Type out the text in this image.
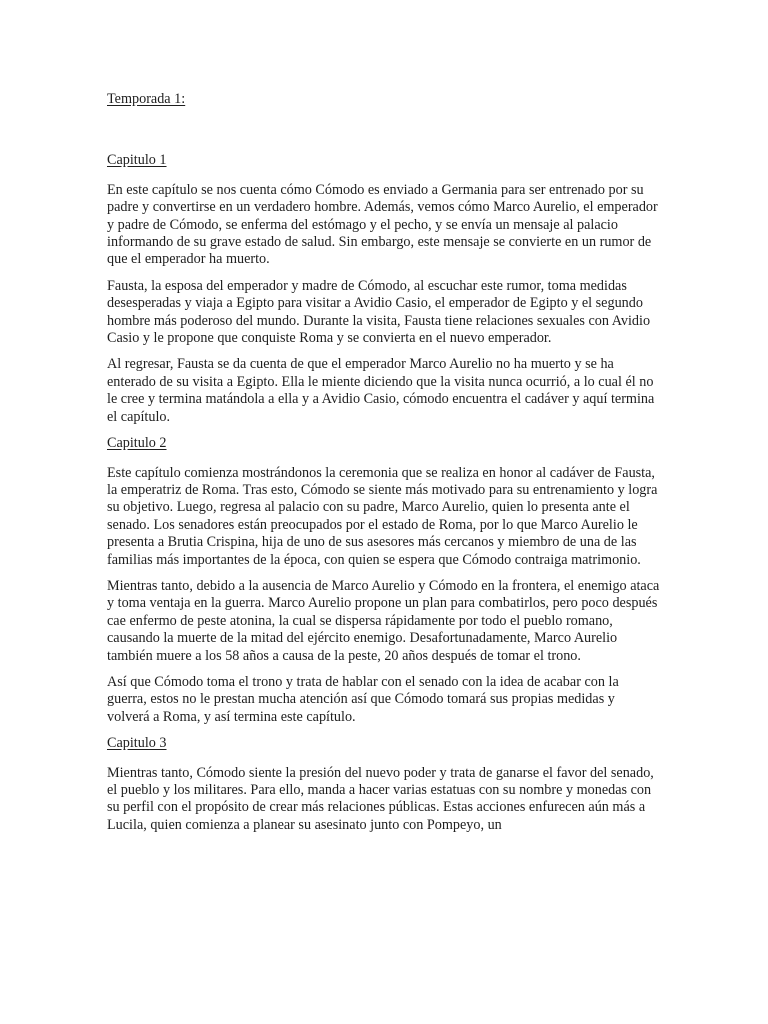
Temporada 1:

Capitulo 1

En este capítulo se nos cuenta cómo Cómodo es enviado a Germania para ser entrenado por su padre y convertirse en un verdadero hombre. Además, vemos cómo Marco Aurelio, el emperador y padre de Cómodo, se enferma del estómago y el pecho, y se envía un mensaje al palacio informando de su grave estado de salud. Sin embargo, este mensaje se convierte en un rumor de que el emperador ha muerto.

Fausta, la esposa del emperador y madre de Cómodo, al escuchar este rumor, toma medidas desesperadas y viaja a Egipto para visitar a Avidio Casio, el emperador de Egipto y el segundo hombre más poderoso del mundo. Durante la visita, Fausta tiene relaciones sexuales con Avidio Casio y le propone que conquiste Roma y se convierta en el nuevo emperador.

Al regresar, Fausta se da cuenta de que el emperador Marco Aurelio no ha muerto y se ha enterado de su visita a Egipto. Ella le miente diciendo que la visita nunca ocurrió, a lo cual él no le cree y termina matándola a ella y a Avidio Casio, cómodo encuentra el cadáver y aquí termina el capítulo.

Capitulo 2

Este capítulo comienza mostrándonos la ceremonia que se realiza en honor al cadáver de Fausta, la emperatriz de Roma. Tras esto, Cómodo se siente más motivado para su entrenamiento y logra su objetivo. Luego, regresa al palacio con su padre, Marco Aurelio, quien lo presenta ante el senado. Los senadores están preocupados por el estado de Roma, por lo que Marco Aurelio le presenta a Brutia Crispina, hija de uno de sus asesores más cercanos y miembro de una de las familias más importantes de la época, con quien se espera que Cómodo contraiga matrimonio.

Mientras tanto, debido a la ausencia de Marco Aurelio y Cómodo en la frontera, el enemigo ataca y toma ventaja en la guerra. Marco Aurelio propone un plan para combatirlos, pero poco después cae enfermo de peste atonina, la cual se dispersa rápidamente por todo el pueblo romano, causando la muerte de la mitad del ejército enemigo. Desafortunadamente, Marco Aurelio también muere a los 58 años a causa de la peste, 20 años después de tomar el trono.

Así que Cómodo toma el trono y trata de hablar con el senado con la idea de acabar con la guerra, estos no le prestan mucha atención así que Cómodo tomará sus propias medidas y volverá a Roma, y así termina este capítulo.

Capitulo 3

Mientras tanto, Cómodo siente la presión del nuevo poder y trata de ganarse el favor del senado, el pueblo y los militares. Para ello, manda a hacer varias estatuas con su nombre y monedas con su perfil con el propósito de crear más relaciones públicas. Estas acciones enfurecen aún más a Lucila, quien comienza a planear su asesinato junto con Pompeyo, un
